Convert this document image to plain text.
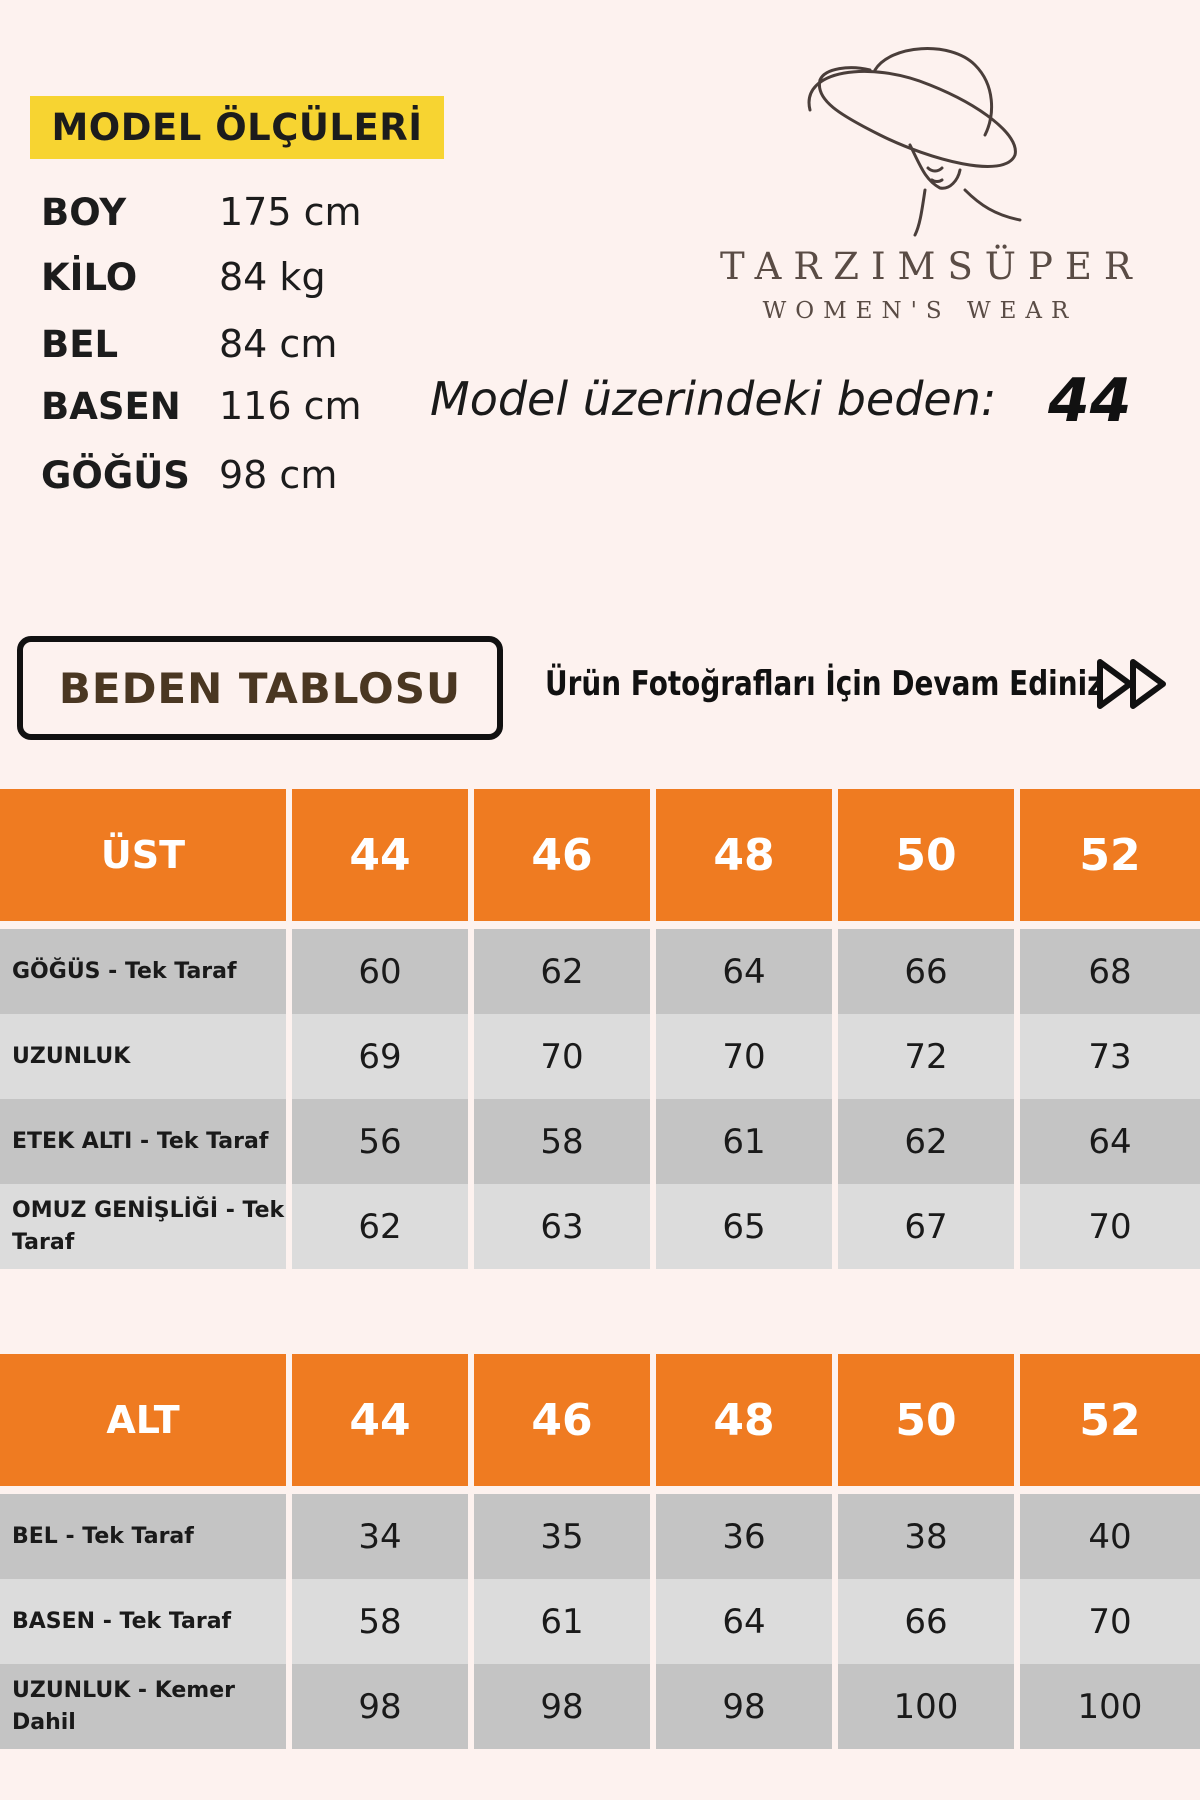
MODEL ÖLÇÜLERİ
BOY	175 cm
KİLO	84 kg
BEL	84 cm
BASEN	116 cm
GÖĞÜS 98 cm
TARZIMSÜPER
WOMEN'S WEAR
Model üzerindeki beden: 44
BEDEN TABLOSU	Ürün Fotoğrafları İçin Devam Ediniz
ÜST	44	46	48	50	52

GÖĞÜS - Tek Taraf	60	62	64	66	68
UZUNLUK	69	70	70	72	73
ETEK ALTI - Tek Taraf	56	58	61	62	64
OMUZ GENİŞLİĞİ - Tek Taraf	62	63	65	67	70
ALT	44	46	48	50	52

BEL - Tek Taraf	34	35	36	38	40
BASEN - Tek Taraf	58	61	64	66	70
UZUNLUK - Kemer Dahil	98	98	98	100	100
